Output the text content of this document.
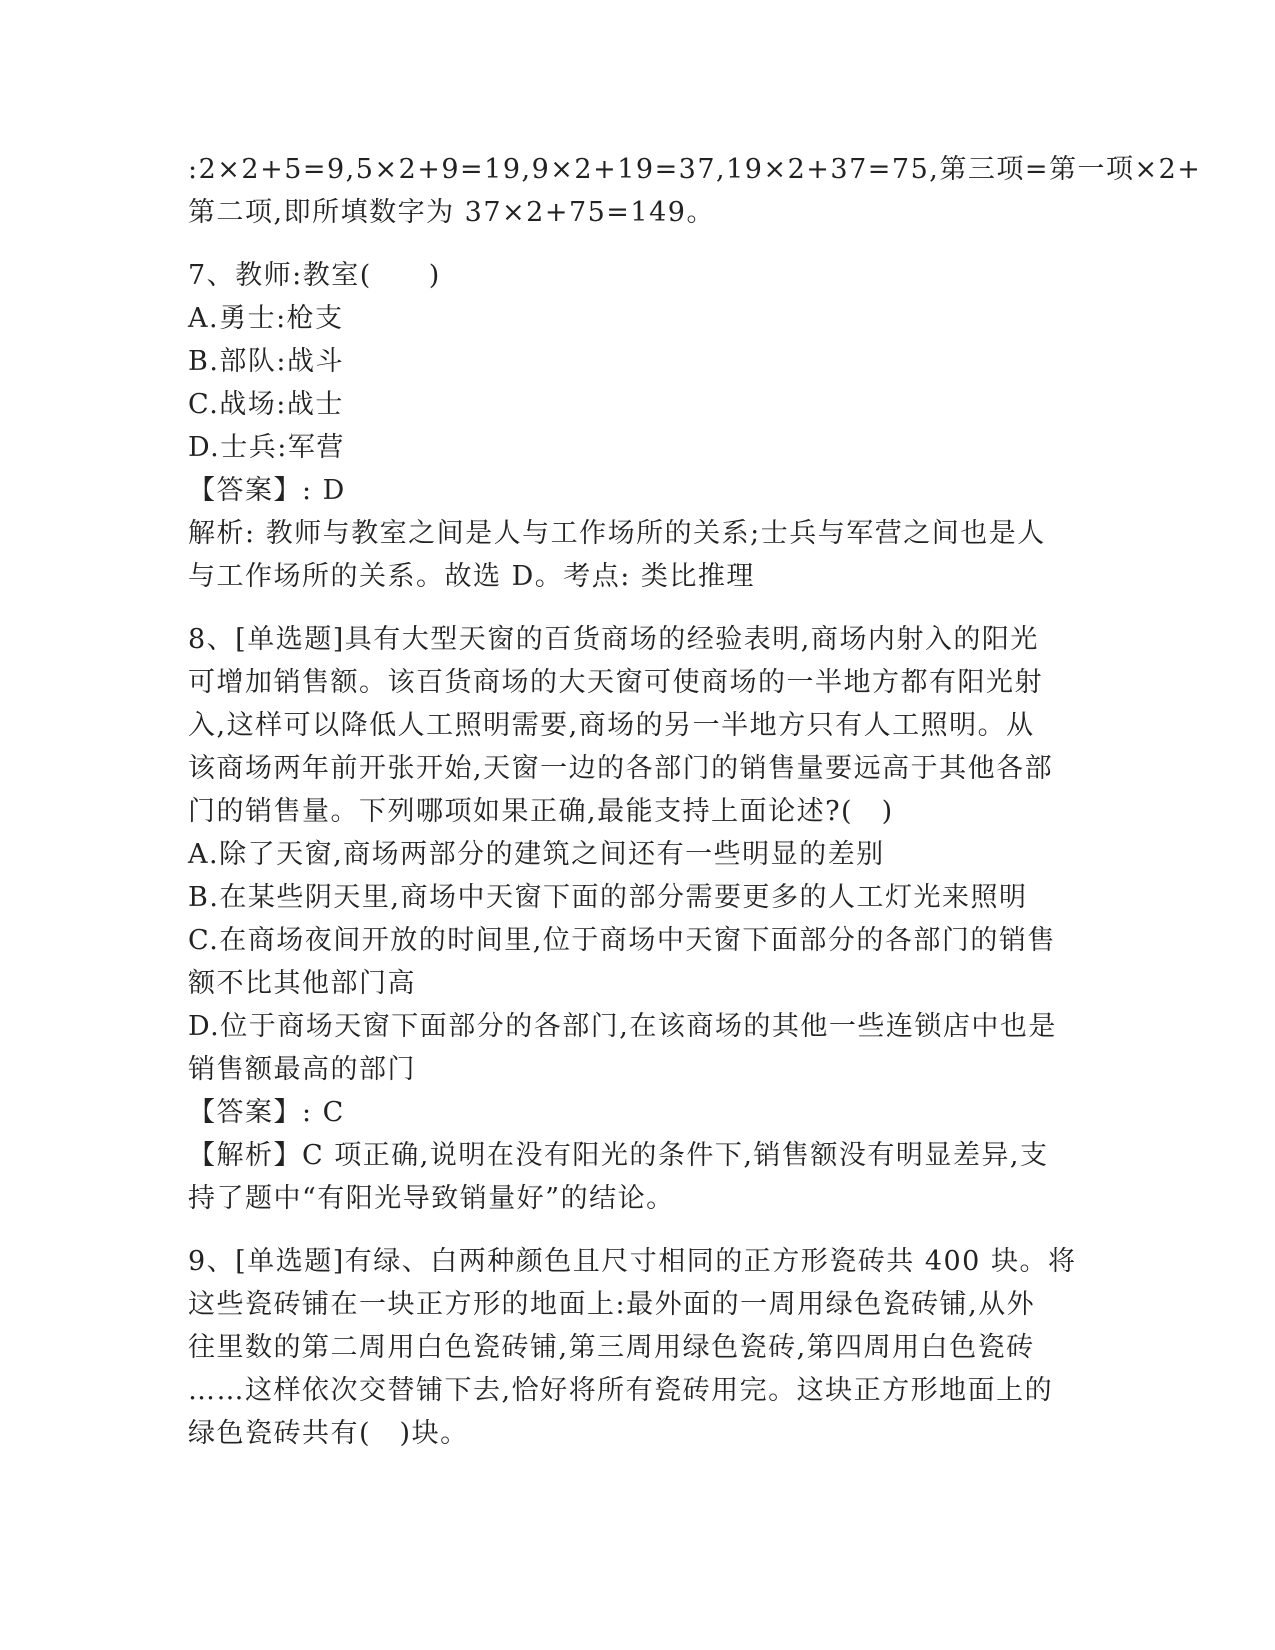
:2×2+5=9,5×2+9=19,9×2+19=37,19×2+37=75,第三项=第一项×2+
第二项,即所填数字为 37×2+75=149。
7、教师:教室(　　)
A.勇士:枪支
B.部队:战斗
C.战场:战士
D.士兵:军营
【答案】: D
解析: 教师与教室之间是人与工作场所的关系;士兵与军营之间也是人
与工作场所的关系。故选 D。考点: 类比推理
8、[单选题]具有大型天窗的百货商场的经验表明,商场内射入的阳光
可增加销售额。该百货商场的大天窗可使商场的一半地方都有阳光射
入,这样可以降低人工照明需要,商场的另一半地方只有人工照明。从
该商场两年前开张开始,天窗一边的各部门的销售量要远高于其他各部
门的销售量。下列哪项如果正确,最能支持上面论述?(　)
A.除了天窗,商场两部分的建筑之间还有一些明显的差别
B.在某些阴天里,商场中天窗下面的部分需要更多的人工灯光来照明
C.在商场夜间开放的时间里,位于商场中天窗下面部分的各部门的销售
额不比其他部门高
D.位于商场天窗下面部分的各部门,在该商场的其他一些连锁店中也是
销售额最高的部门
【答案】: C
【解析】C 项正确,说明在没有阳光的条件下,销售额没有明显差异,支
持了题中“有阳光导致销量好”的结论。
9、[单选题]有绿、白两种颜色且尺寸相同的正方形瓷砖共 400 块。将
这些瓷砖铺在一块正方形的地面上:最外面的一周用绿色瓷砖铺,从外
往里数的第二周用白色瓷砖铺,第三周用绿色瓷砖,第四周用白色瓷砖
……这样依次交替铺下去,恰好将所有瓷砖用完。这块正方形地面上的
绿色瓷砖共有(　)块。
